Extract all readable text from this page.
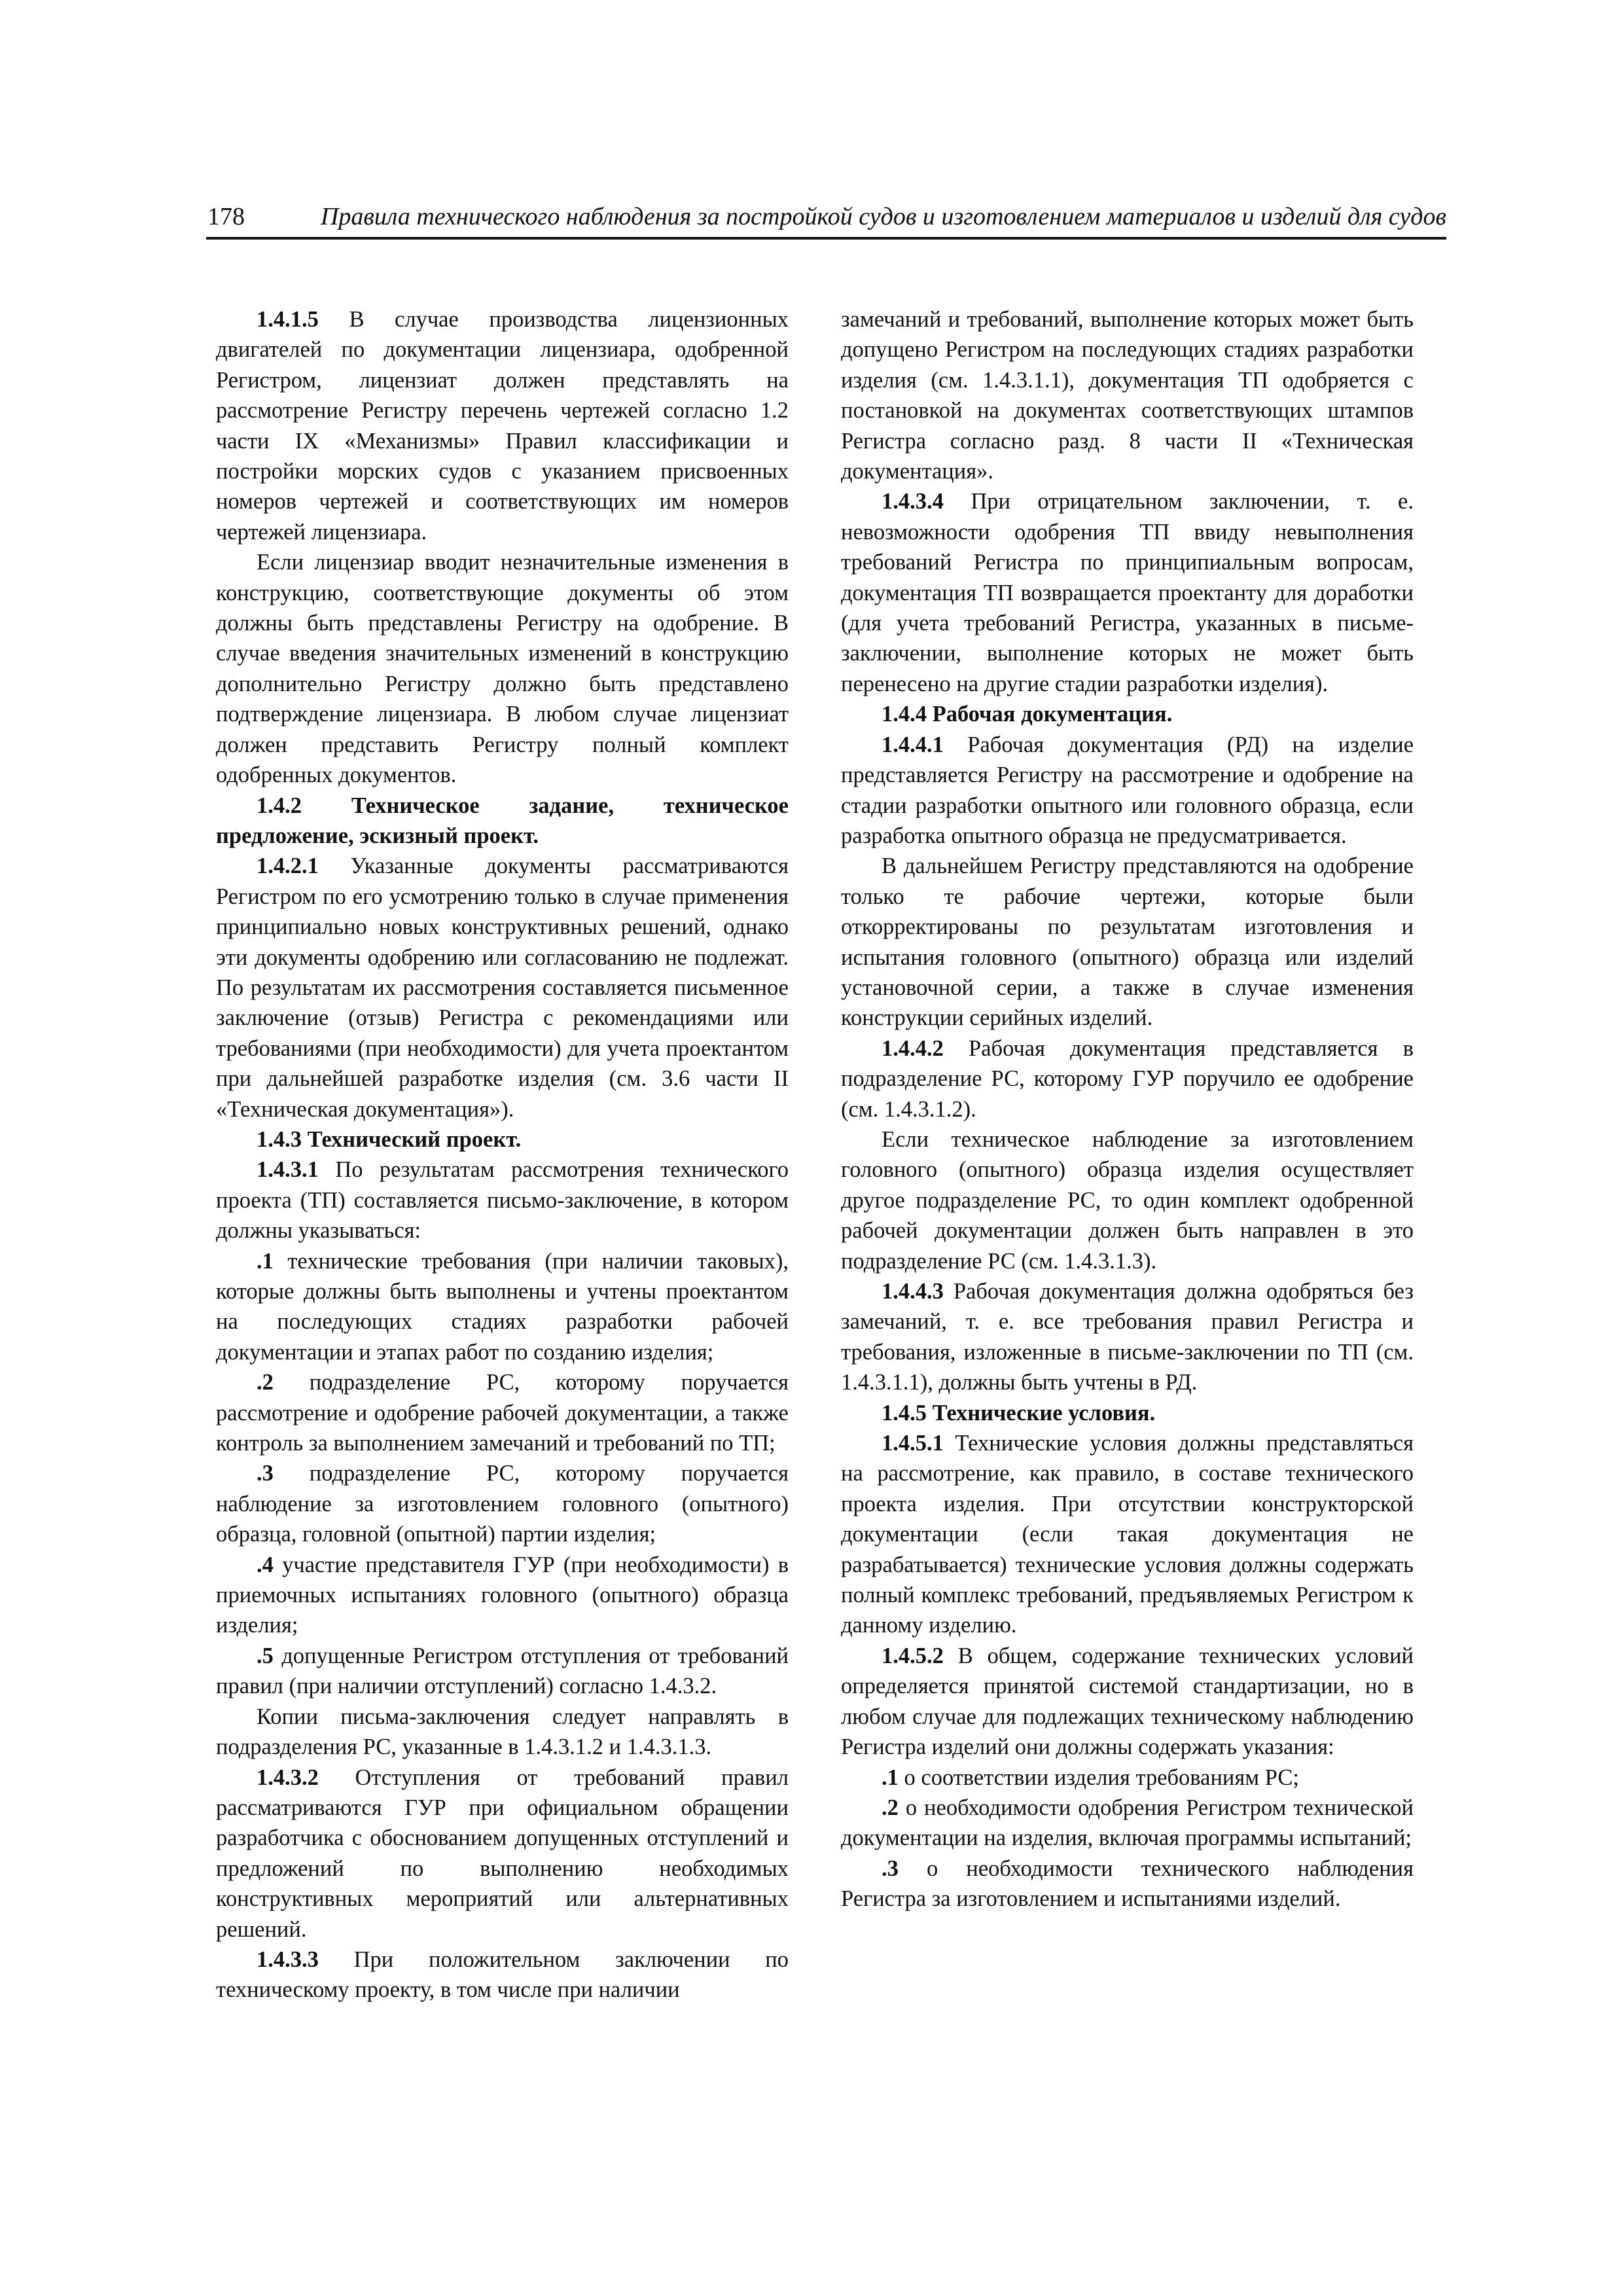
178	Правила технического наблюдения за постройкой судов и изготовлением материалов и изделий для судов

1.4.1.5 В случае производства лицензионных двигателей по документации лицензиара, одобренной Регистром, лицензиат должен представлять на рассмотрение Регистру перечень чертежей согласно 1.2 части IX «Механизмы» Правил классификации и постройки морских судов с указанием присвоенных номеров чертежей и соответствующих им номеров чертежей лицензиара.

Если лицензиар вводит незначительные изменения в конструкцию, соответствующие документы об этом должны быть представлены Регистру на одобрение. В случае введения значительных изменений в конструкцию дополнительно Регистру должно быть представлено подтверждение лицензиара. В любом случае лицензиат должен представить Регистру полный комплект одобренных документов.

1.4.2 Техническое задание, техническое предложение, эскизный проект.

1.4.2.1 Указанные документы рассматриваются Регистром по его усмотрению только в случае применения принципиально новых конструктивных решений, однако эти документы одобрению или согласованию не подлежат. По результатам их рассмотрения составляется письменное заключение (отзыв) Регистра с рекомендациями или требованиями (при необходимости) для учета проектантом при дальнейшей разработке изделия (см. 3.6 части II «Техническая документация»).

1.4.3 Технический проект.

1.4.3.1 По результатам рассмотрения технического проекта (ТП) составляется письмо-заключение, в котором должны указываться:

.1 технические требования (при наличии таковых), которые должны быть выполнены и учтены проектантом на последующих стадиях разработки рабочей документации и этапах работ по созданию изделия;

.2 подразделение РС, которому поручается рассмотрение и одобрение рабочей документации, а также контроль за выполнением замечаний и требований по ТП;

.3 подразделение РС, которому поручается наблюдение за изготовлением головного (опытного) образца, головной (опытной) партии изделия;

.4 участие представителя ГУР (при необходимости) в приемочных испытаниях головного (опытного) образца изделия;

.5 допущенные Регистром отступления от требований правил (при наличии отступлений) согласно 1.4.3.2.

Копии письма-заключения следует направлять в подразделения РС, указанные в 1.4.3.1.2 и 1.4.3.1.3.

1.4.3.2 Отступления от требований правил рассматриваются ГУР при официальном обращении разработчика с обоснованием допущенных отступлений и предложений по выполнению необходимых конструктивных мероприятий или альтернативных решений.

1.4.3.3 При положительном заключении по техническому проекту, в том числе при наличии

замечаний и требований, выполнение которых может быть допущено Регистром на последующих стадиях разработки изделия (см. 1.4.3.1.1), документация ТП одобряется с постановкой на документах соответствующих штампов Регистра согласно разд. 8 части II «Техническая документация».

1.4.3.4 При отрицательном заключении, т. е. невозможности одобрения ТП ввиду невыполнения требований Регистра по принципиальным вопросам, документация ТП возвращается проектанту для доработки (для учета требований Регистра, указанных в письме-заключении, выполнение которых не может быть перенесено на другие стадии разработки изделия).

1.4.4 Рабочая документация.

1.4.4.1 Рабочая документация (РД) на изделие представляется Регистру на рассмотрение и одобрение на стадии разработки опытного или головного образца, если разработка опытного образца не предусматривается.

В дальнейшем Регистру представляются на одобрение только те рабочие чертежи, которые были откорректированы по результатам изготовления и испытания головного (опытного) образца или изделий установочной серии, а также в случае изменения конструкции серийных изделий.

1.4.4.2 Рабочая документация представляется в подразделение РС, которому ГУР поручило ее одобрение (см. 1.4.3.1.2).

Если техническое наблюдение за изготовлением головного (опытного) образца изделия осуществляет другое подразделение РС, то один комплект одобренной рабочей документации должен быть направлен в это подразделение РС (см. 1.4.3.1.3).

1.4.4.3 Рабочая документация должна одобряться без замечаний, т. е. все требования правил Регистра и требования, изложенные в письме-заключении по ТП (см. 1.4.3.1.1), должны быть учтены в РД.

1.4.5 Технические условия.

1.4.5.1 Технические условия должны представляться на рассмотрение, как правило, в составе технического проекта изделия. При отсутствии конструкторской документации (если такая документация не разрабатывается) технические условия должны содержать полный комплекс требований, предъявляемых Регистром к данному изделию.

1.4.5.2 В общем, содержание технических условий определяется принятой системой стандартизации, но в любом случае для подлежащих техническому наблюдению Регистра изделий они должны содержать указания:

.1 о соответствии изделия требованиям РС;

.2 о необходимости одобрения Регистром технической документации на изделия, включая программы испытаний;

.3 о необходимости технического наблюдения Регистра за изготовлением и испытаниями изделий.
